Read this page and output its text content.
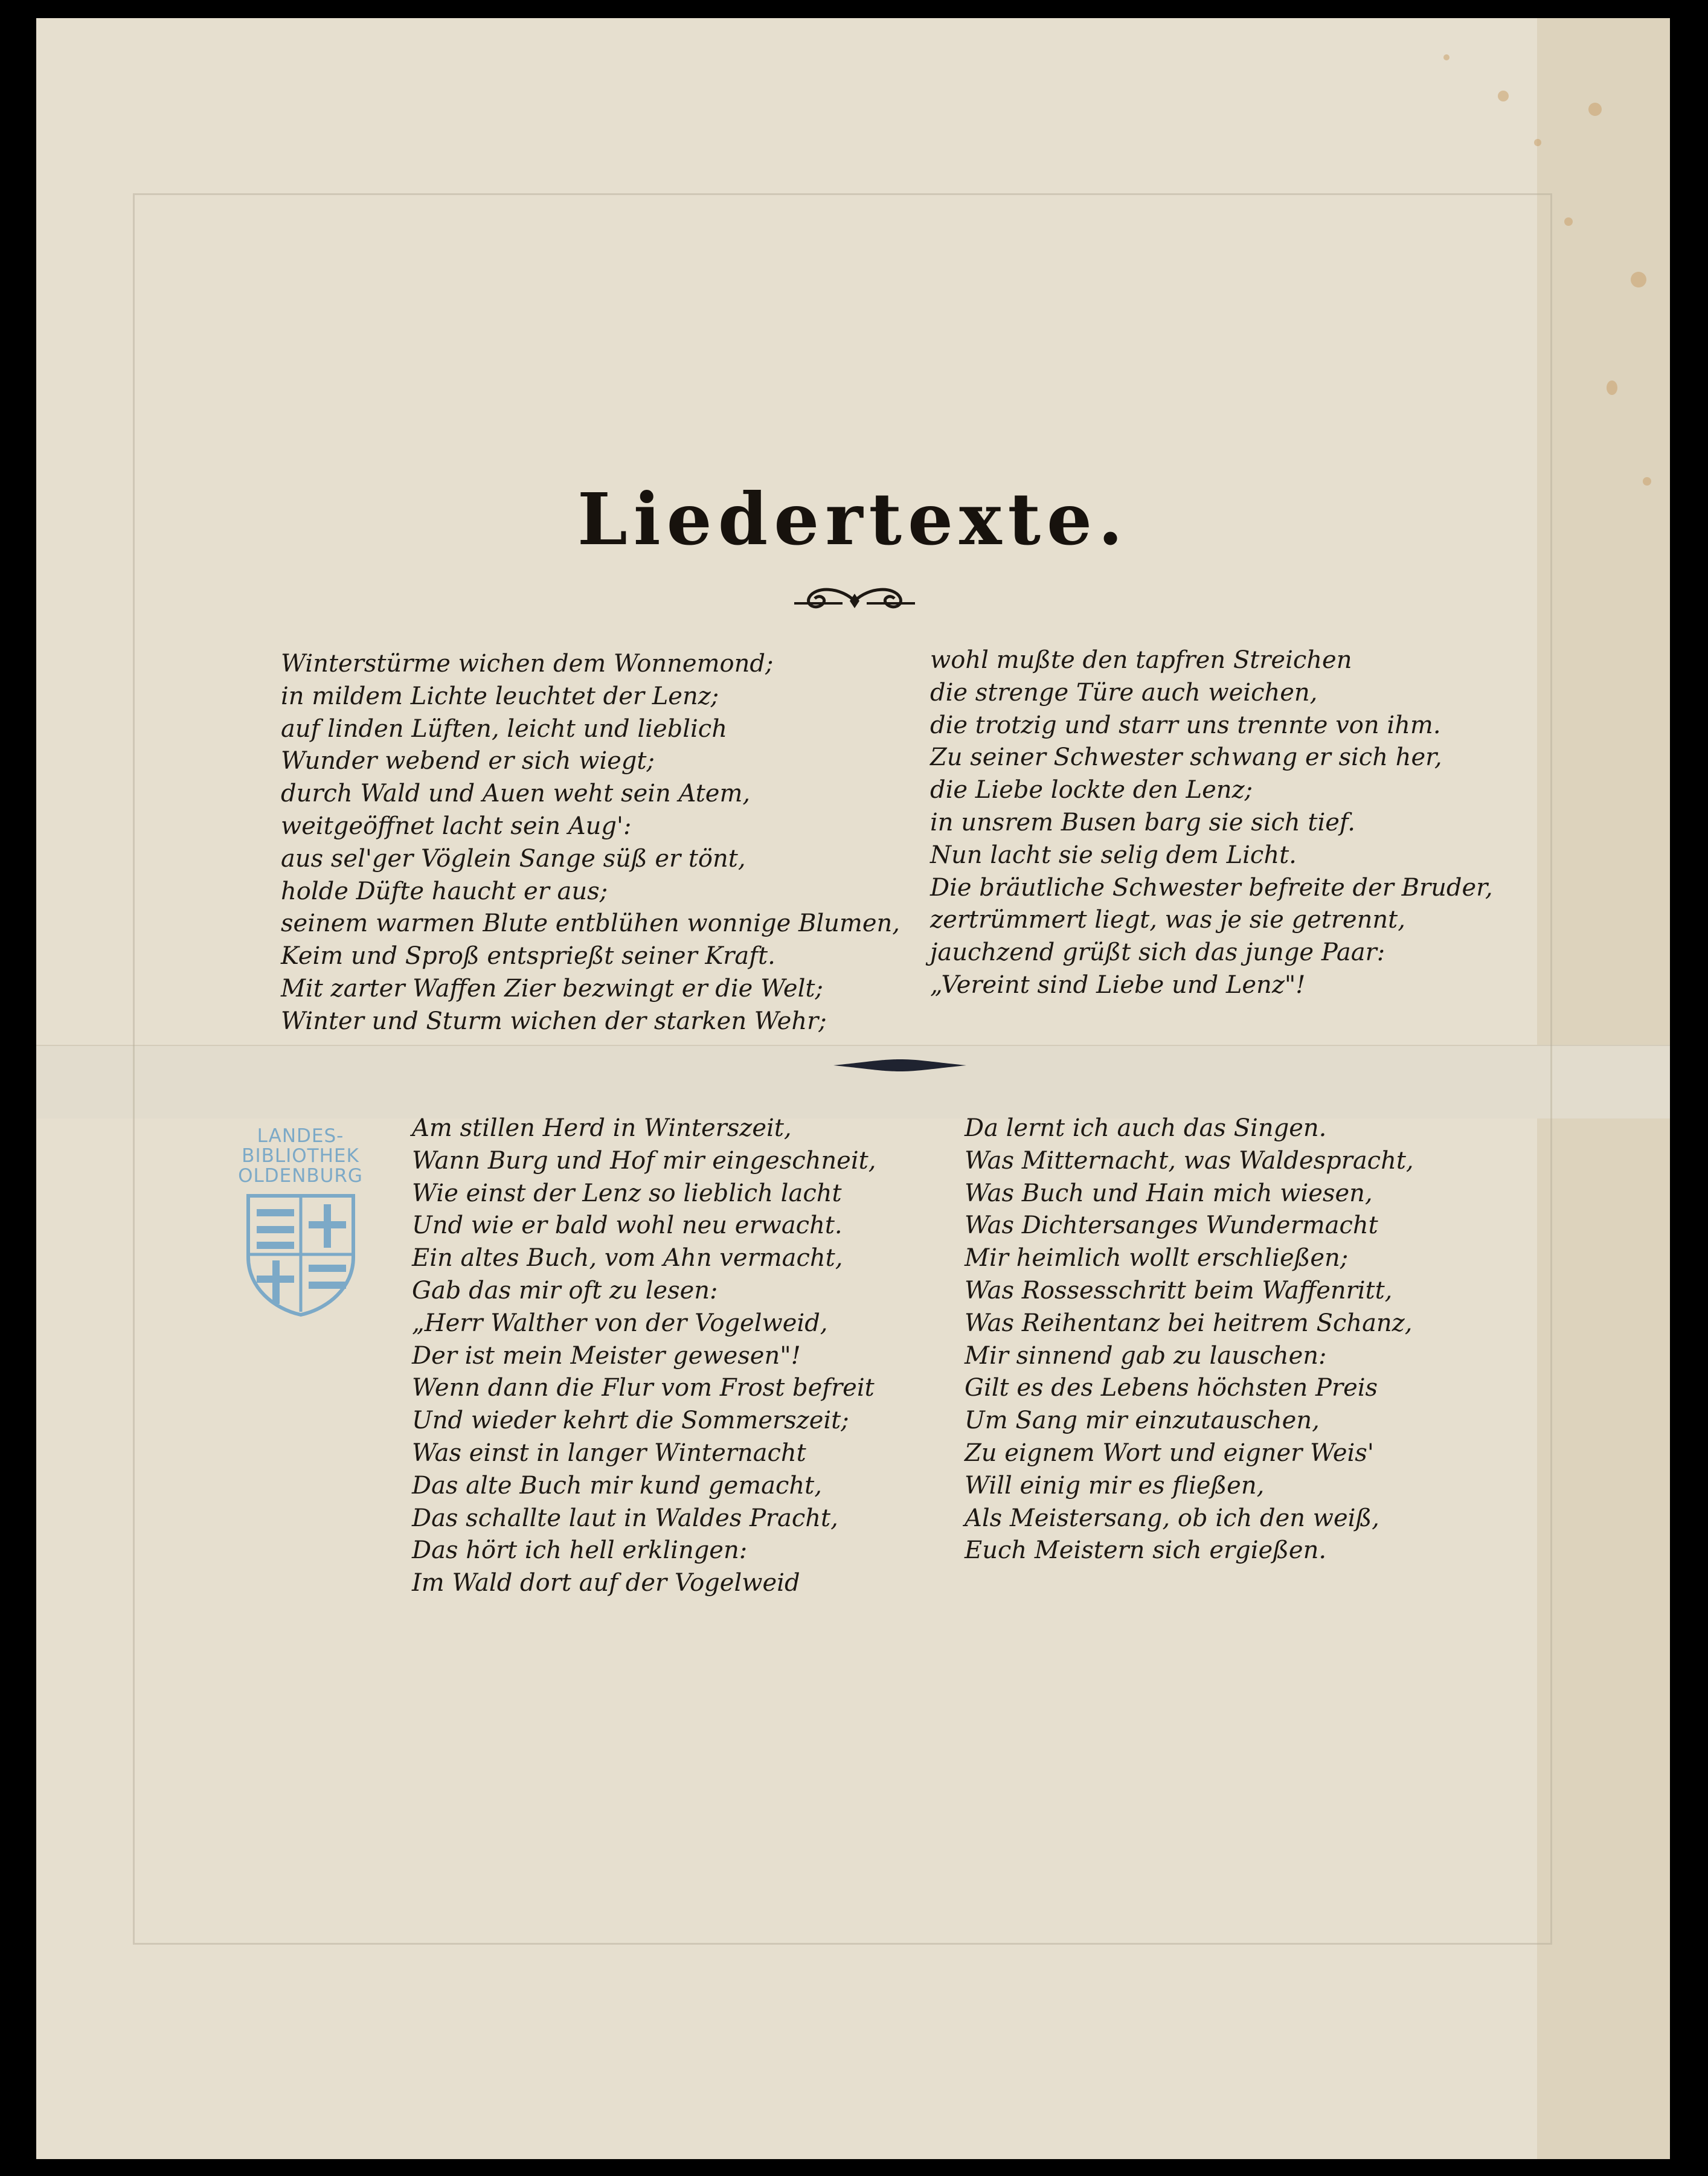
Liedertexte.
Winterstürme wichen dem Wonnemond;
in mildem Lichte leuchtet der Lenz;
auf linden Lüften, leicht und lieblich
Wunder webend er sich wiegt;
durch Wald und Auen weht sein Atem,
weitgeöffnet lacht sein Aug':
aus sel'ger Vöglein Sange süß er tönt,
holde Düfte haucht er aus;
seinem warmen Blute entblühen wonnige Blumen,
Keim und Sproß entsprießt seiner Kraft.
Mit zarter Waffen Zier bezwingt er die Welt;
Winter und Sturm wichen der starken Wehr;
wohl mußte den tapfren Streichen
die strenge Türe auch weichen,
die trotzig und starr uns trennte von ihm.
Zu seiner Schwester schwang er sich her,
die Liebe lockte den Lenz;
in unsrem Busen barg sie sich tief.
Nun lacht sie selig dem Licht.
Die bräutliche Schwester befreite der Bruder,
zertrümmert liegt, was je sie getrennt,
jauchzend grüßt sich das junge Paar:
„Vereint sind Liebe und Lenz"!
LANDES-
BIBLIOTHEK
OLDENBURG
Am stillen Herd in Winterszeit,
Wann Burg und Hof mir eingeschneit,
Wie einst der Lenz so lieblich lacht
Und wie er bald wohl neu erwacht.
Ein altes Buch, vom Ahn vermacht,
Gab das mir oft zu lesen:
„Herr Walther von der Vogelweid,
Der ist mein Meister gewesen"!
Wenn dann die Flur vom Frost befreit
Und wieder kehrt die Sommerszeit;
Was einst in langer Winternacht
Das alte Buch mir kund gemacht,
Das schallte laut in Waldes Pracht,
Das hört ich hell erklingen:
Im Wald dort auf der Vogelweid
Da lernt ich auch das Singen.
Was Mitternacht, was Waldespracht,
Was Buch und Hain mich wiesen,
Was Dichtersanges Wundermacht
Mir heimlich wollt erschließen;
Was Rossesschritt beim Waffenritt,
Was Reihentanz bei heitrem Schanz,
Mir sinnend gab zu lauschen:
Gilt es des Lebens höchsten Preis
Um Sang mir einzutauschen,
Zu eignem Wort und eigner Weis'
Will einig mir es fließen,
Als Meistersang, ob ich den weiß,
Euch Meistern sich ergießen.
